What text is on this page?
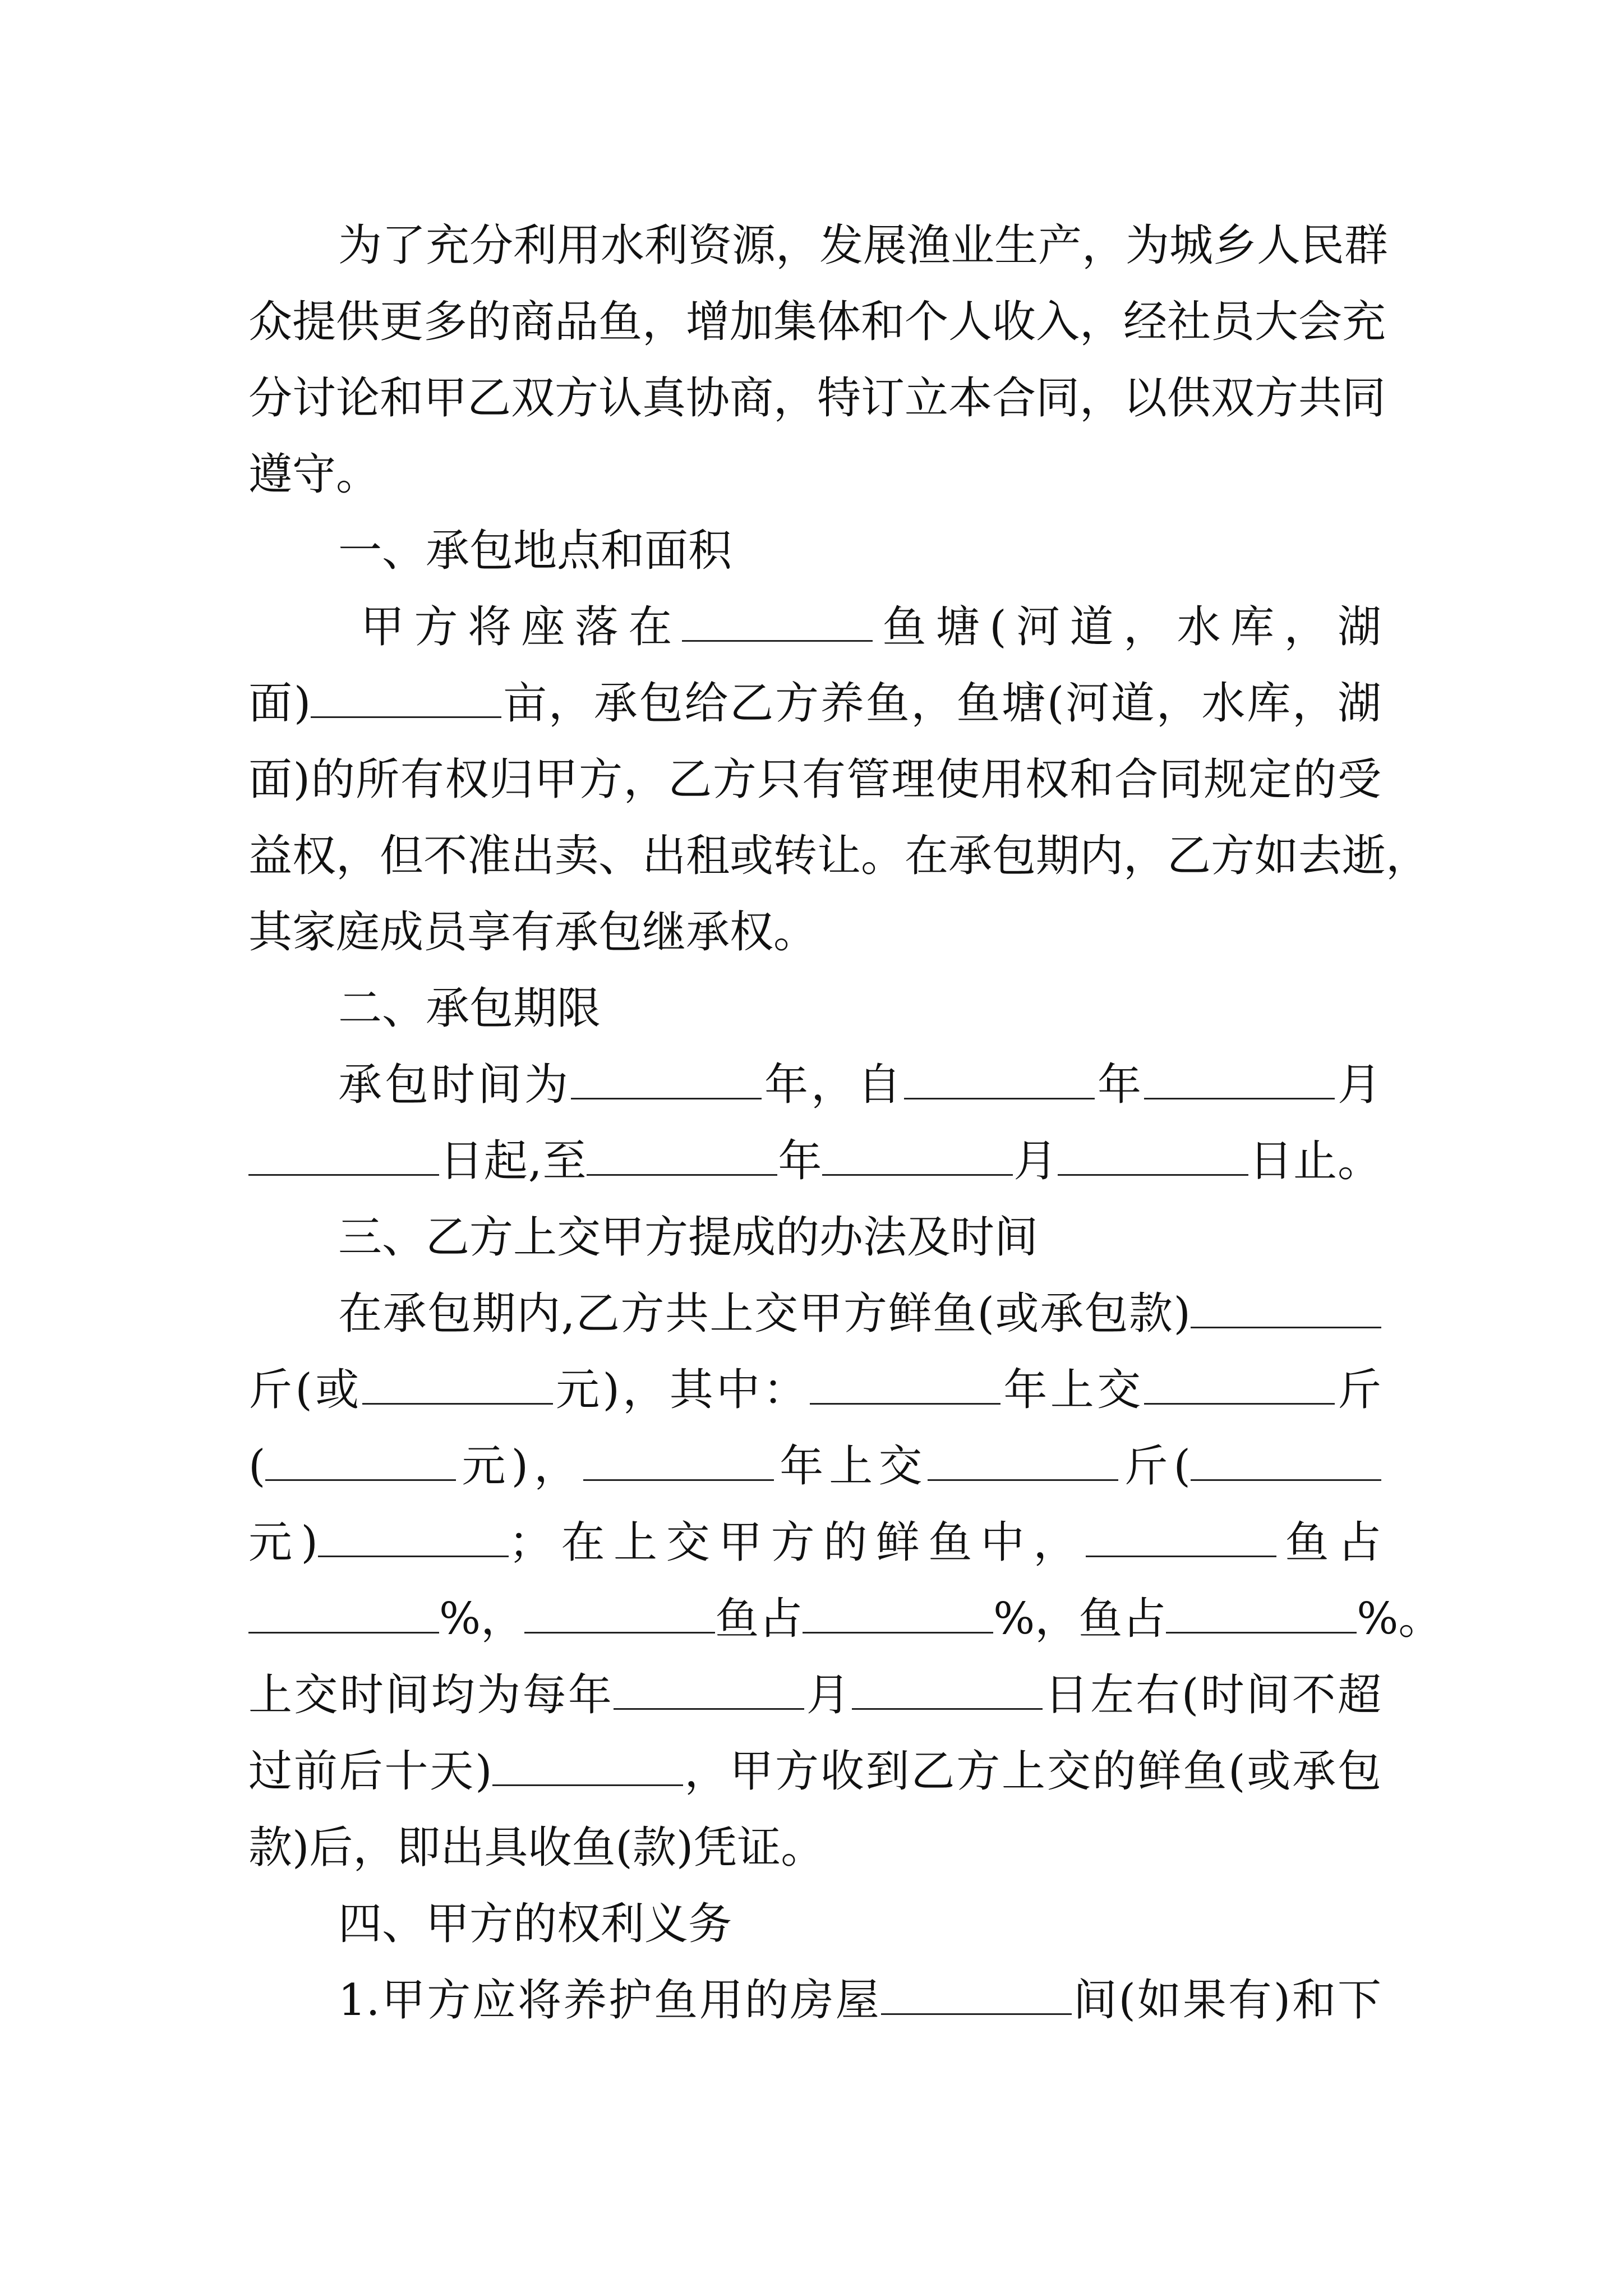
为了充分利用水利资源，发展渔业生产，为城乡人民群
众提供更多的商品鱼，增加集体和个人收入，经社员大会充
分讨论和甲乙双方认真协商，特订立本合同，以供双方共同
遵守。
一、承包地点和面积
甲方将座落在	鱼塘(河道，水库，湖
面)	亩，承包给乙方养鱼，鱼塘(河道，水库，湖
面)的所有权归甲方，乙方只有管理使用权和合同规定的受
益权，但不准出卖、出租或转让。在承包期内，乙方如去逝，
其家庭成员享有承包继承权。
二、承包期限
承包时间为	年，自	年	月
日起,至	年	月	日止。
三、乙方上交甲方提成的办法及时间
在承包期内,乙方共上交甲方鲜鱼(或承包款)
斤(或	元)，其中：	年上交	斤
(	元)，	年上交	斤(
元)	；在上交甲方的鲜鱼中，	鱼占
%，	鱼占	%，鱼占	%。
上交时间均为每年	月	日左右(时间不超
过前后十天)	，甲方收到乙方上交的鲜鱼(或承包
款)后，即出具收鱼(款)凭证。
四、甲方的权利义务
1.甲方应将养护鱼用的房屋	间(如果有)和下
